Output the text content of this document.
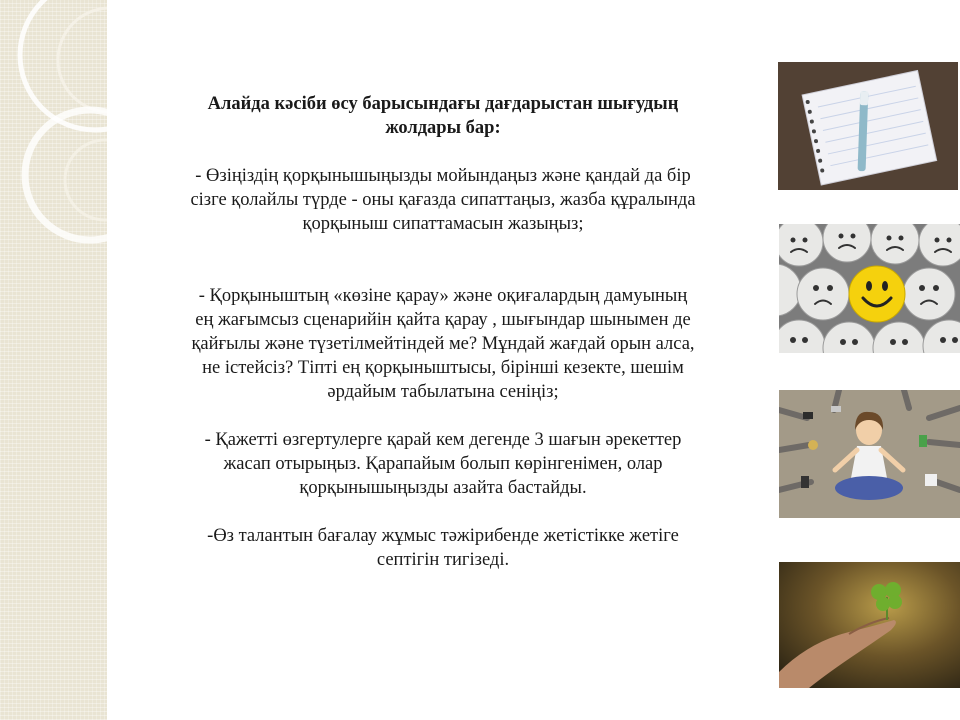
Алайда кәсіби өсу барысындағы дағдарыстан шығудың
жолдары бар:

- Өзіңіздің қорқынышыңызды мойындаңыз және қандай да бір
сізге қолайлы түрде - оны қағазда сипаттаңыз, жазба құралында
қорқыныш сипаттамасын жазыңыз;

- Қорқыныштың «көзіне қарау» және оқиғалардың дамуының
ең жағымсыз сценарийін қайта қарау , шығындар шынымен де
қайғылы және түзетілмейтіндей ме? Мұндай жағдай орын алса,
не істейсіз? Тіпті ең қорқыныштысы, бірінші кезекте, шешім
әрдайым табылатына сеніңіз;

- Қажетті өзгертулерге қарай кем дегенде 3 шағын әрекеттер
жасап отырыңыз. Қарапайым болып көрінгенімен, олар
қорқынышыңызды азайта бастайды.

-Өз талантын бағалау жұмыс тәжірибенде жетістікке жетіге
септігін тигізеді.
